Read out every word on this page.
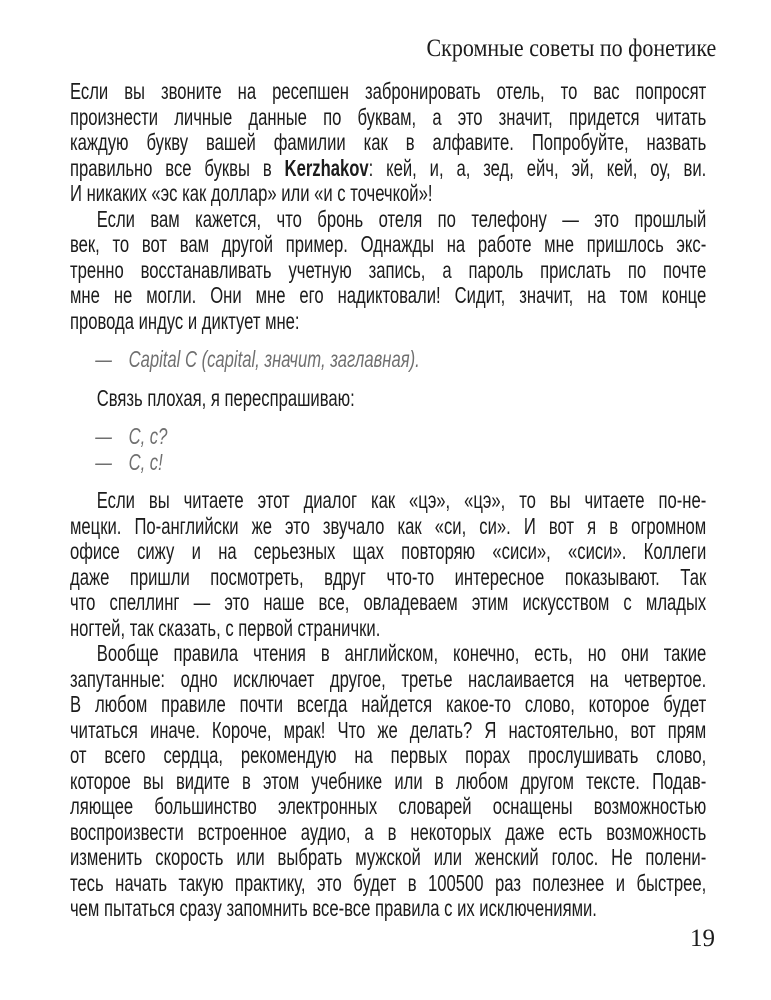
Скромные советы по фонетике
Если вы звоните на ресепшен забронировать отель, то вас попросят
произнести личные данные по буквам, а это значит, придется читать
каждую букву вашей фамилии как в алфавите. Попробуйте, назвать
правильно все буквы в Kerzhakov: кей, и, а, зед, ейч, эй, кей, оу, ви.
И никаких «эс как доллар» или «и с точечкой»!
Если вам кажется, что бронь отеля по телефону — это прошлый
век, то вот вам другой пример. Однажды на работе мне пришлось экс-
тренно восстанавливать учетную запись, а пароль прислать по почте
мне не могли. Они мне его надиктовали! Сидит, значит, на том конце
провода индус и диктует мне:
— Capital C (capital, значит, заглавная).
Связь плохая, я переспрашиваю:
— C, c?
— C, c!
Если вы читаете этот диалог как «цэ», «цэ», то вы читаете по-не-
мецки. По-английски же это звучало как «си, си». И вот я в огромном
офисе сижу и на серьезных щах повторяю «сиси», «сиси». Коллеги
даже пришли посмотреть, вдруг что-то интересное показывают. Так
что спеллинг — это наше все, овладеваем этим искусством с младых
ногтей, так сказать, с первой странички.
Вообще правила чтения в английском, конечно, есть, но они такие
запутанные: одно исключает другое, третье наслаивается на четвертое.
В любом правиле почти всегда найдется какое-то слово, которое будет
читаться иначе. Короче, мрак! Что же делать? Я настоятельно, вот прям
от всего сердца, рекомендую на первых порах прослушивать слово,
которое вы видите в этом учебнике или в любом другом тексте. Подав-
ляющее большинство электронных словарей оснащены возможностью
воспроизвести встроенное аудио, а в некоторых даже есть возможность
изменить скорость или выбрать мужской или женский голос. Не полени-
тесь начать такую практику, это будет в 100500 раз полезнее и быстрее,
чем пытаться сразу запомнить все-все правила с их исключениями.
19
